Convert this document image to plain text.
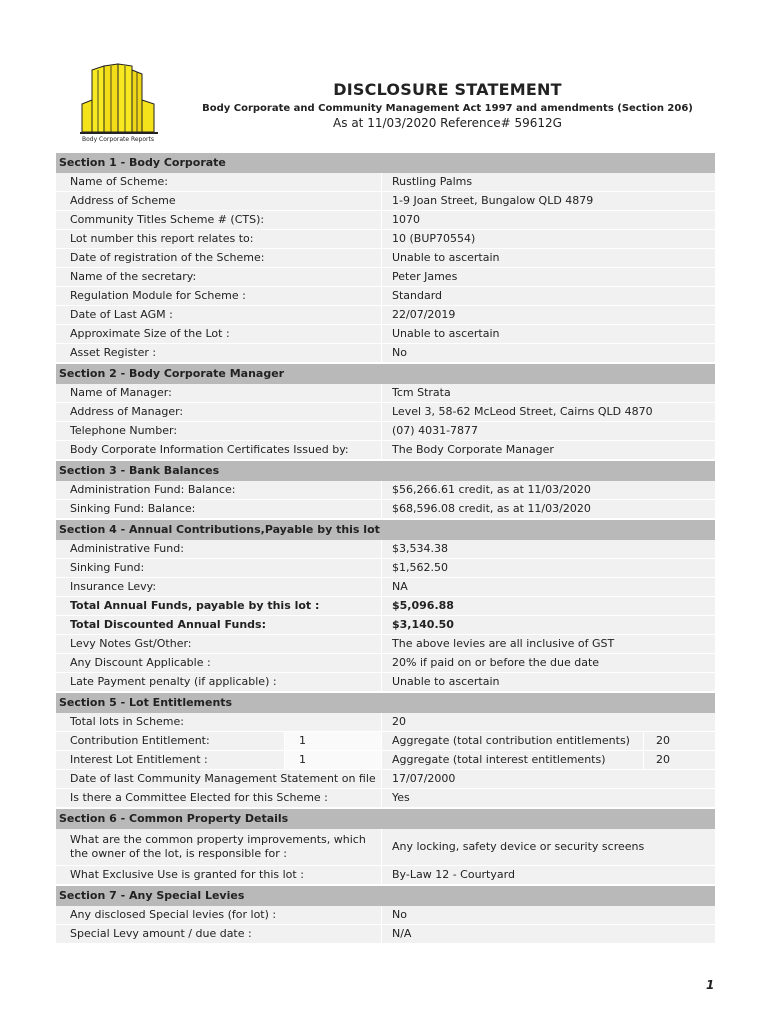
Body Corporate Reports
DISCLOSURE STATEMENT
Body Corporate and Community Management Act 1997 and amendments (Section 206)
As at 11/03/2020 Reference# 59612G
Section 1 - Body Corporate
Name of Scheme:	Rustling Palms
Address of Scheme	1-9 Joan Street, Bungalow QLD 4879
Community Titles Scheme # (CTS):	1070
Lot number this report relates to:	10 (BUP70554)
Date of registration of the Scheme:	Unable to ascertain
Name of the secretary:	Peter James
Regulation Module for Scheme :	Standard
Date of Last AGM :	22/07/2019
Approximate Size of the Lot :	Unable to ascertain
Asset Register :	No
Section 2 - Body Corporate Manager
Name of Manager:	Tcm Strata
Address of Manager:	Level 3, 58-62 McLeod Street, Cairns QLD 4870
Telephone Number:	(07) 4031-7877
Body Corporate Information Certificates Issued by:	The Body Corporate Manager
Section 3 - Bank Balances
Administration Fund: Balance:	$56,266.61 credit, as at 11/03/2020
Sinking Fund: Balance:	$68,596.08 credit, as at 11/03/2020
Section 4 - Annual Contributions,Payable by this lot
Administrative Fund:	$3,534.38
Sinking Fund:	$1,562.50
Insurance Levy:	NA
Total Annual Funds, payable by this lot :	$5,096.88
Total Discounted Annual Funds:	$3,140.50
Levy Notes Gst/Other:	The above levies are all inclusive of GST
Any Discount Applicable :	20% if paid on or before the due date
Late Payment penalty (if applicable) :	Unable to ascertain
Section 5 - Lot Entitlements
Total lots in Scheme:	20
Contribution Entitlement:	1	Aggregate (total contribution entitlements)	20
Interest Lot Entitlement :	1	Aggregate (total interest entitlements)	20
Date of last Community Management Statement on file	17/07/2000
Is there a Committee Elected for this Scheme :	Yes
Section 6 - Common Property Details
What are the common property improvements, which the owner of the lot, is responsible for :
Any locking, safety device or security screens
What Exclusive Use is granted for this lot :	By-Law 12 - Courtyard
Section 7 - Any Special Levies
Any disclosed Special levies (for lot) :	No
Special Levy amount / due date :	N/A
1
